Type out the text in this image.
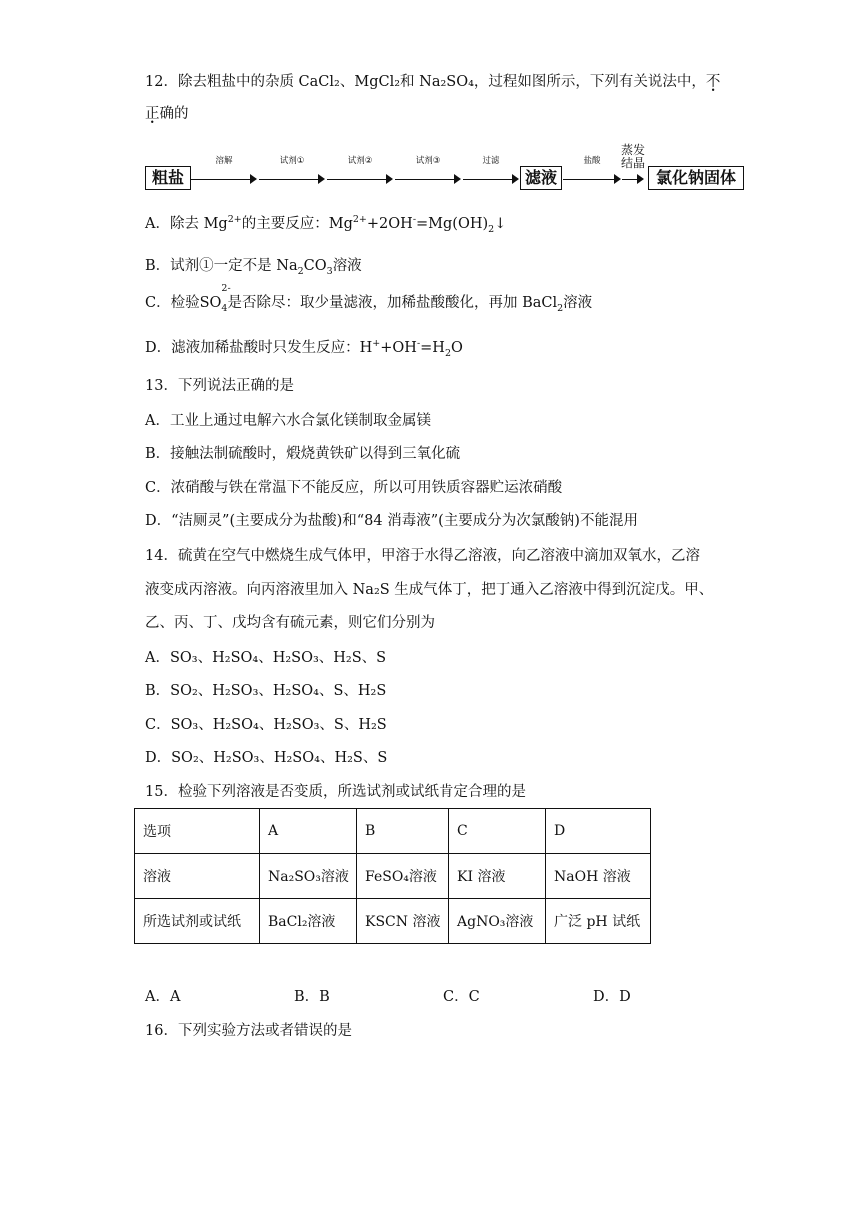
12．除去粗盐中的杂质 CaCl₂、MgCl₂和 Na₂SO₄，过程如图所示，下列有关说法中，不
正确的
粗盐
溶解	试剂①	试剂②	试剂③	过滤
滤液
盐酸
蒸发
结晶
氯化钠固体
A．除去 $Mg^{2+}$的主要反应：$Mg^{2+}+2OH^-=Mg(OH)_2↓$
B．试剂①一定不是 $Na_2CO_3$溶液
C．检验SO
$_{2- 4}$是否除尽：取少量滤液，加稀盐酸酸化，再加 BaCl$_2$溶液
D．滤液加稀盐酸时只发生反应：$H^++OH^-=H_2O$
13．下列说法正确的是
A．工业上通过电解六水合氯化镁制取金属镁
B．接触法制硫酸时，煅烧黄铁矿以得到三氧化硫
C．浓硝酸与铁在常温下不能反应，所以可用铁质容器贮运浓硝酸
D．“洁厕灵”(主要成分为盐酸)和“84 消毒液”(主要成分为次氯酸钠)不能混用
14．硫黄在空气中燃烧生成气体甲，甲溶于水得乙溶液，向乙溶液中滴加双氧水，乙溶
液变成丙溶液。向丙溶液里加入 Na₂S 生成气体丁，把丁通入乙溶液中得到沉淀戊。甲、
乙、丙、丁、戊均含有硫元素，则它们分别为
A．SO₃、H₂SO₄、H₂SO₃、H₂S、S
B．SO₂、H₂SO₃、H₂SO₄、S、H₂S
C．SO₃、H₂SO₄、H₂SO₃、S、H₂S
D．SO₂、H₂SO₃、H₂SO₄、H₂S、S
15．检验下列溶液是否变质，所选试剂或试纸肯定合理的是
选项	A	B	C	D
溶液	Na₂SO₃溶液	FeSO₄溶液	KI 溶液	NaOH 溶液
所选试剂或试纸	BaCl₂溶液	KSCN 溶液	AgNO₃溶液	广泛 pH 试纸
A．A	B．B	C．C	D．D
16．下列实验方法或者错误的是
